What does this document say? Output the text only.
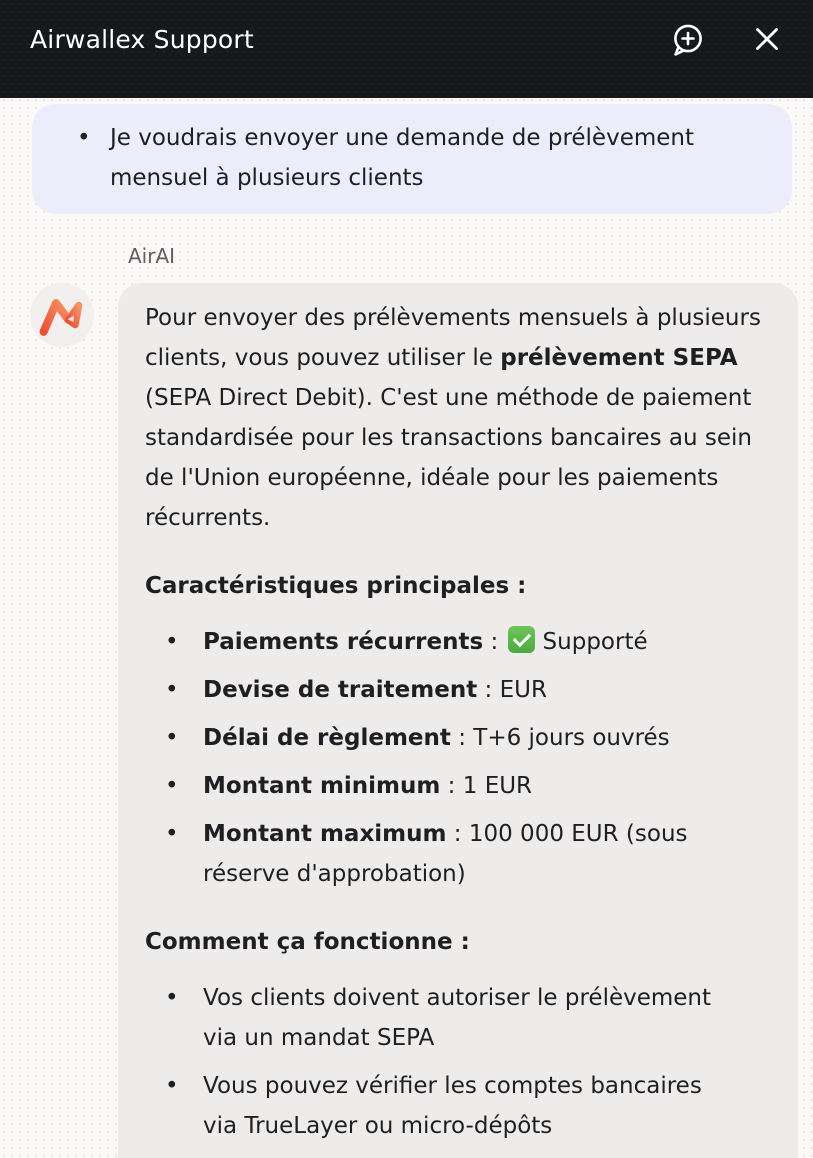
Airwallex Support
• Je voudrais envoyer une demande de prélèvement mensuel à plusieurs clients
AirAI

Pour envoyer des prélèvements mensuels à plusieurs clients, vous pouvez utiliser le prélèvement SEPA (SEPA Direct Debit). C'est une méthode de paiement standardisée pour les transactions bancaires au sein de l'Union européenne, idéale pour les paiements récurrents.

Caractéristiques principales :

• Paiements récurrents : Supporté
• Devise de traitement : EUR
• Délai de règlement : T+6 jours ouvrés
• Montant minimum : 1 EUR
• Montant maximum : 100 000 EUR (sous réserve d'approbation)

Comment ça fonctionne :

• Vos clients doivent autoriser le prélèvement via un mandat SEPA
• Vous pouvez vérifier les comptes bancaires via TrueLayer ou micro-dépôts
